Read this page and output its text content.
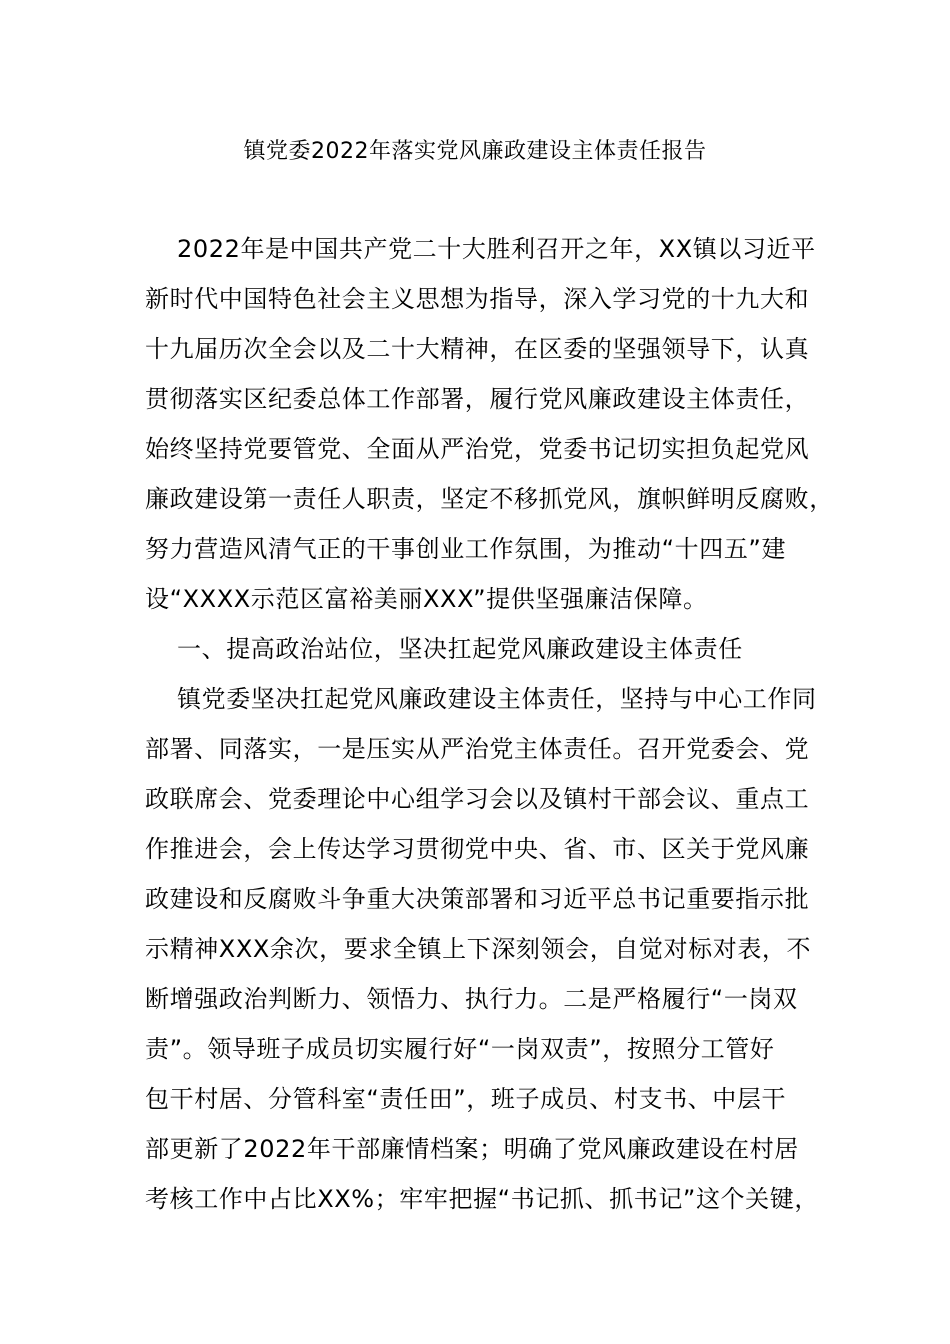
镇党委2022年落实党风廉政建设主体责任报告
2022年是中国共产党二十大胜利召开之年，XX镇以习近平
新时代中国特色社会主义思想为指导，深入学习党的十九大和
十九届历次全会以及二十大精神，在区委的坚强领导下，认真
贯彻落实区纪委总体工作部署，履行党风廉政建设主体责任，
始终坚持党要管党、全面从严治党，党委书记切实担负起党风
廉政建设第一责任人职责，坚定不移抓党风，旗帜鲜明反腐败，
努力营造风清气正的干事创业工作氛围，为推动“十四五”建
设“XXXX示范区富裕美丽XXX”提供坚强廉洁保障。
一、提高政治站位，坚决扛起党风廉政建设主体责任
镇党委坚决扛起党风廉政建设主体责任，坚持与中心工作同
部署、同落实，一是压实从严治党主体责任。召开党委会、党
政联席会、党委理论中心组学习会以及镇村干部会议、重点工
作推进会，会上传达学习贯彻党中央、省、市、区关于党风廉
政建设和反腐败斗争重大决策部署和习近平总书记重要指示批
示精神XXX余次，要求全镇上下深刻领会，自觉对标对表，不
断增强政治判断力、领悟力、执行力。二是严格履行“一岗双
责”。领导班子成员切实履行好“一岗双责”，按照分工管好
包干村居、分管科室“责任田”，班子成员、村支书、中层干
部更新了2022年干部廉情档案；明确了党风廉政建设在村居
考核工作中占比XX%；牢牢把握“书记抓、抓书记”这个关键，
